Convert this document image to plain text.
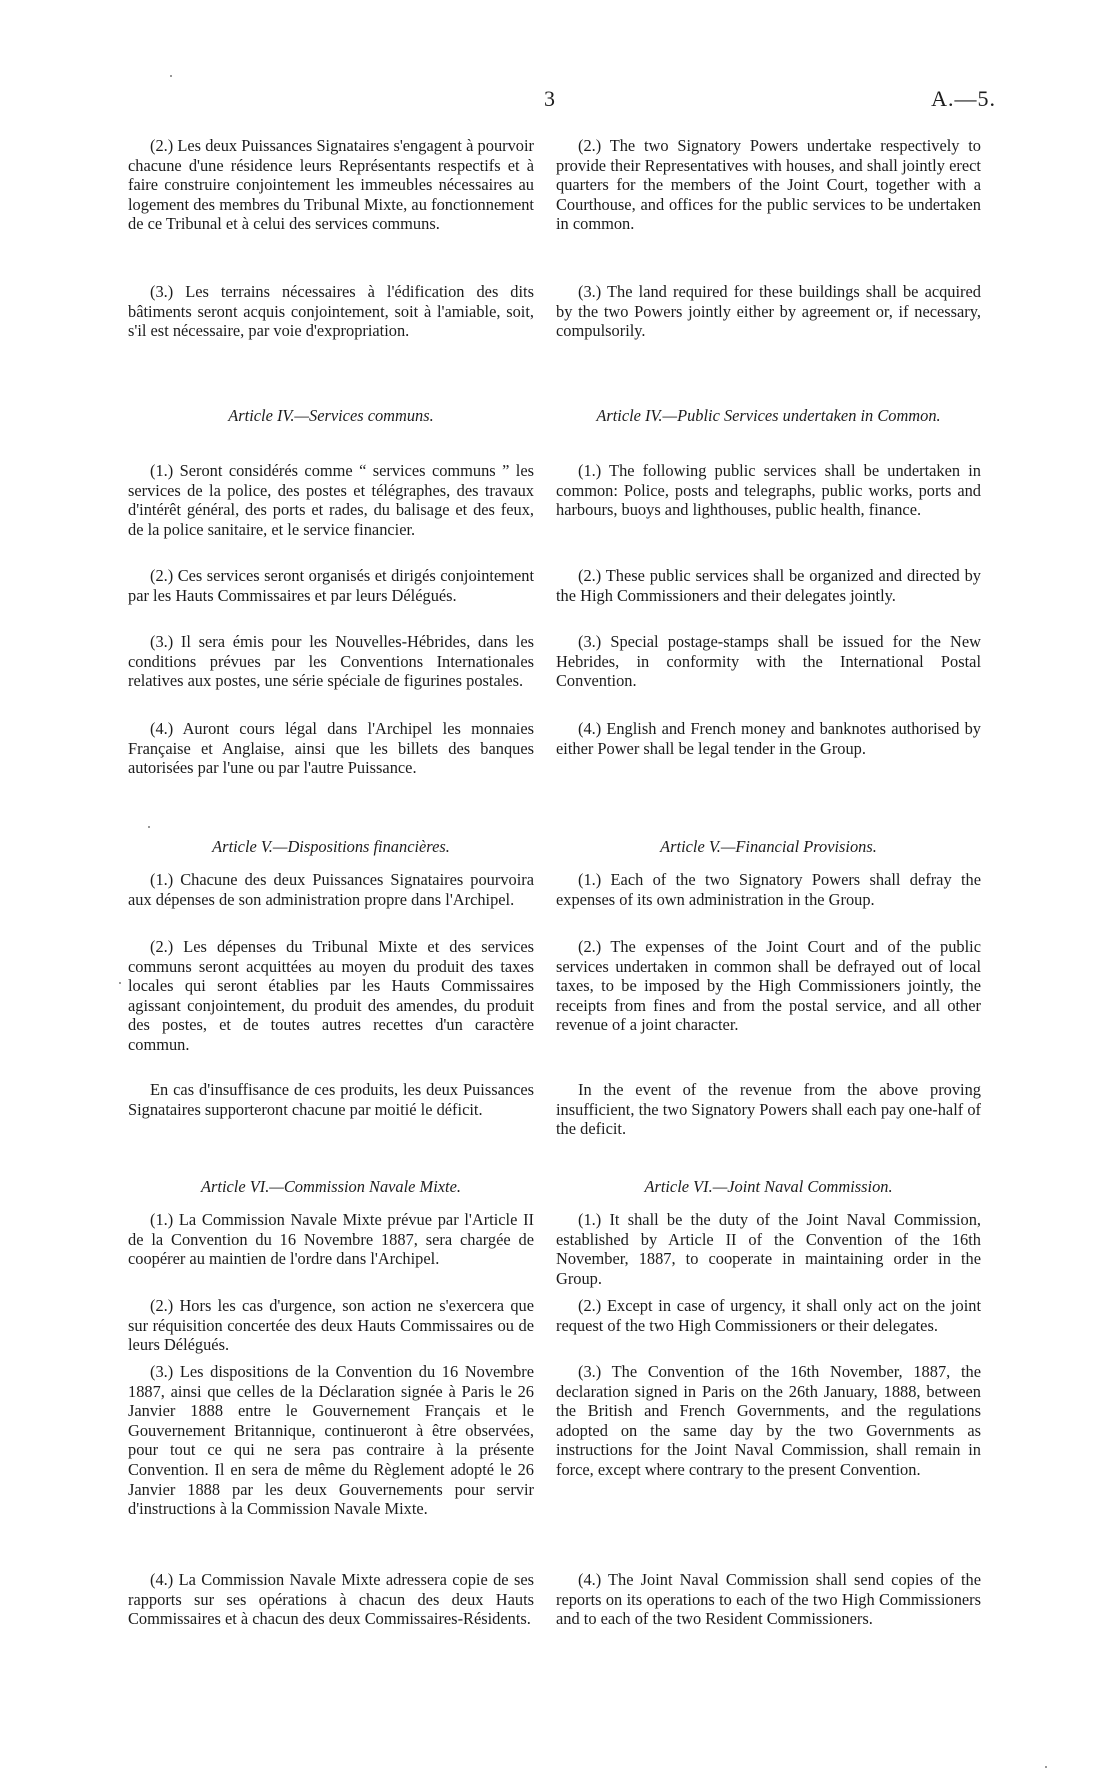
3	A.—5.

(2.) Les deux Puissances Signataires s'engagent à pourvoir chacune d'une résidence leurs Représentants respectifs et à faire construire conjointement les immeubles nécessaires au logement des membres du Tribunal Mixte, au fonctionnement de ce Tribunal et à celui des services communs.

(3.) Les terrains nécessaires à l'édification des dits bâtiments seront acquis conjointement, soit à l'amiable, soit, s'il est nécessaire, par voie d'expropriation.

Article IV.—Services communs.

(1.) Seront considérés comme “ services communs ” les services de la police, des postes et télégraphes, des travaux d'intérêt général, des ports et rades, du balisage et des feux, de la police sanitaire, et le service financier.

(2.) Ces services seront organisés et dirigés conjointement par les Hauts Commissaires et par leurs Délégués.

(3.) Il sera émis pour les Nouvelles-Hébrides, dans les conditions prévues par les Conventions Internationales relatives aux postes, une série spéciale de figurines postales.

(4.) Auront cours légal dans l'Archipel les monnaies Française et Anglaise, ainsi que les billets des banques autorisées par l'une ou par l'autre Puissance.

Article V.—Dispositions financières.

(1.) Chacune des deux Puissances Signataires pourvoira aux dépenses de son administration propre dans l'Archipel.

(2.) Les dépenses du Tribunal Mixte et des services communs seront acquittées au moyen du produit des taxes locales qui seront établies par les Hauts Commissaires agissant conjointement, du produit des amendes, du produit des postes, et de toutes autres recettes d'un caractère commun.

En cas d'insuffisance de ces produits, les deux Puissances Signataires supporteront chacune par moitié le déficit.

Article VI.—Commission Navale Mixte.

(1.) La Commission Navale Mixte prévue par l'Article II de la Convention du 16 Novembre 1887, sera chargée de coopérer au maintien de l'ordre dans l'Archipel.

(2.) Hors les cas d'urgence, son action ne s'exercera que sur réquisition concertée des deux Hauts Commissaires ou de leurs Délégués.

(3.) Les dispositions de la Convention du 16 Novembre 1887, ainsi que celles de la Déclaration signée à Paris le 26 Janvier 1888 entre le Gouvernement Français et le Gouvernement Britannique, continueront à être observées, pour tout ce qui ne sera pas contraire à la présente Convention. Il en sera de même du Règlement adopté le 26 Janvier 1888 par les deux Gouvernements pour servir d'instructions à la Commission Navale Mixte.

(4.) La Commission Navale Mixte adressera copie de ses rapports sur ses opérations à chacun des deux Hauts Commissaires et à chacun des deux Commissaires-Résidents.

(2.) The two Signatory Powers undertake respectively to provide their Representatives with houses, and shall jointly erect quarters for the members of the Joint Court, together with a Courthouse, and offices for the public services to be undertaken in common.

(3.) The land required for these buildings shall be acquired by the two Powers jointly either by agreement or, if necessary, compulsorily.

Article IV.—Public Services undertaken in Common.

(1.) The following public services shall be undertaken in common: Police, posts and telegraphs, public works, ports and harbours, buoys and lighthouses, public health, finance.

(2.) These public services shall be organized and directed by the High Commissioners and their delegates jointly.

(3.) Special postage-stamps shall be issued for the New Hebrides, in conformity with the International Postal Convention.

(4.) English and French money and banknotes authorised by either Power shall be legal tender in the Group.

Article V.—Financial Provisions.

(1.) Each of the two Signatory Powers shall defray the expenses of its own administration in the Group.

(2.) The expenses of the Joint Court and of the public services undertaken in common shall be defrayed out of local taxes, to be imposed by the High Commissioners jointly, the receipts from fines and from the postal service, and all other revenue of a joint character.

In the event of the revenue from the above proving insufficient, the two Signatory Powers shall each pay one-half of the deficit.

Article VI.—Joint Naval Commission.

(1.) It shall be the duty of the Joint Naval Commission, established by Article II of the Convention of the 16th November, 1887, to cooperate in maintaining order in the Group.

(2.) Except in case of urgency, it shall only act on the joint request of the two High Commissioners or their delegates.

(3.) The Convention of the 16th November, 1887, the declaration signed in Paris on the 26th January, 1888, between the British and French Governments, and the regulations adopted on the same day by the two Governments as instructions for the Joint Naval Commission, shall remain in force, except where contrary to the present Convention.

(4.) The Joint Naval Commission shall send copies of the reports on its operations to each of the two High Commissioners and to each of the two Resident Commissioners.
